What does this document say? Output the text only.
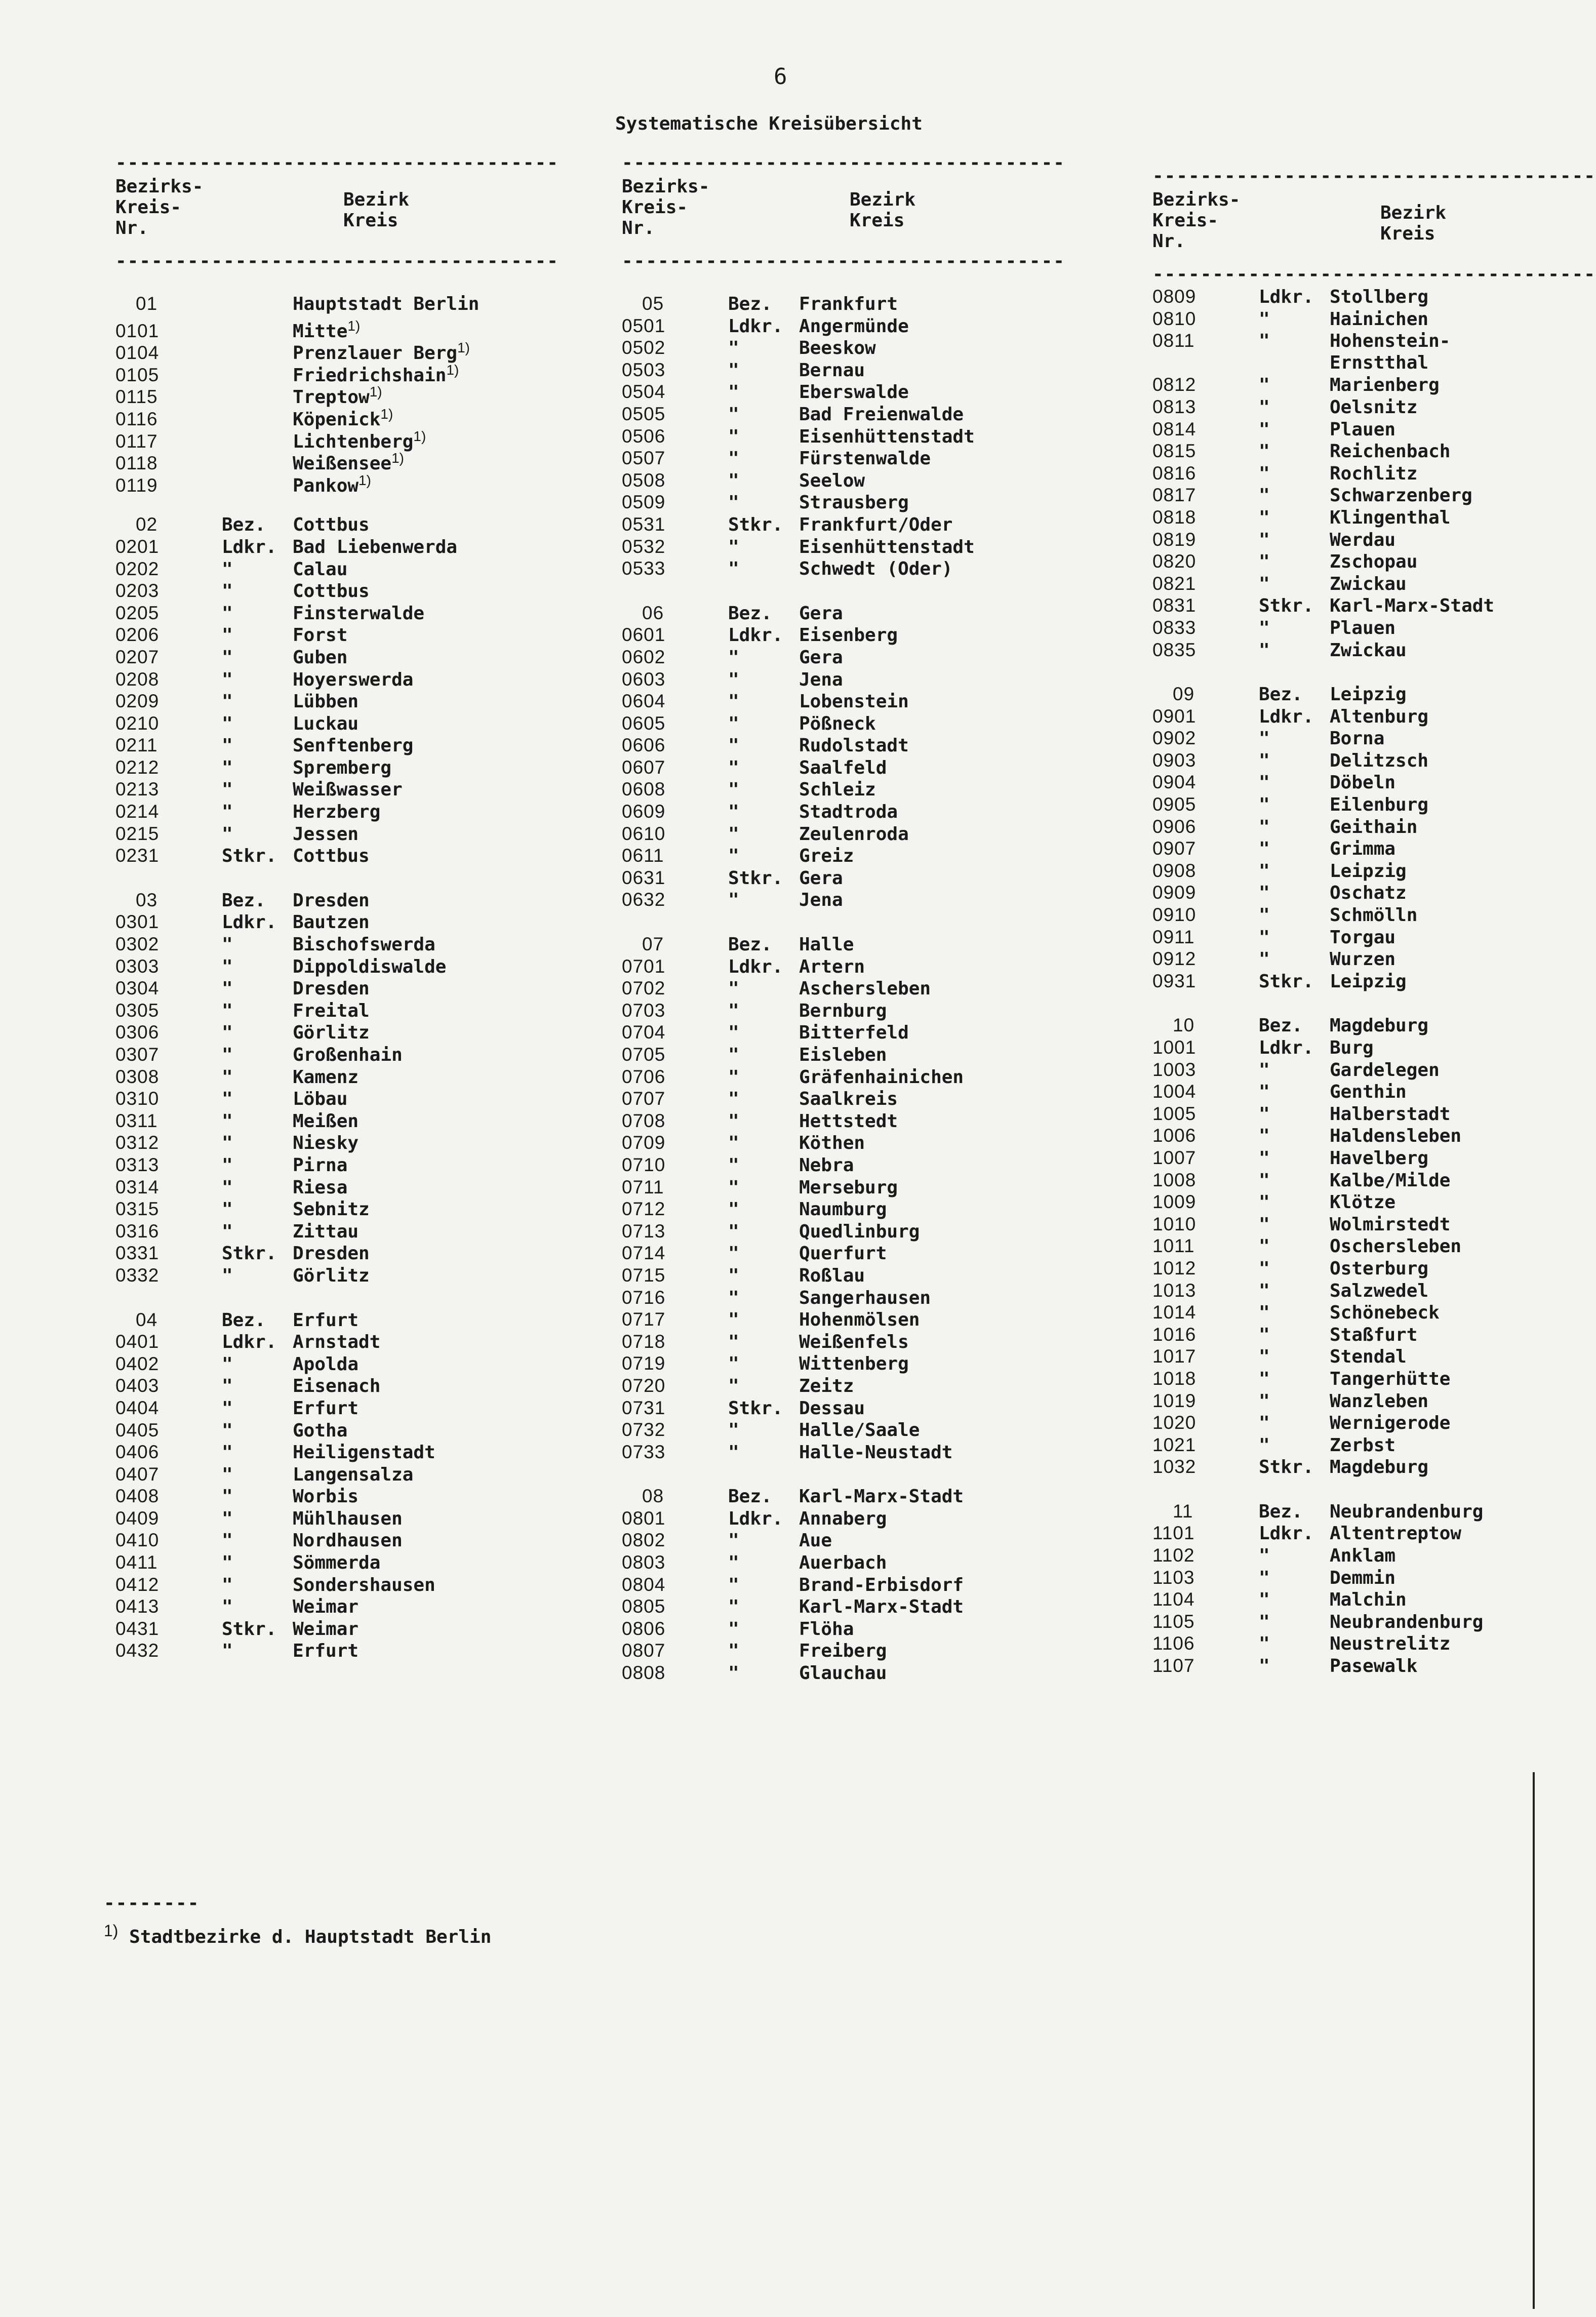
6
Systematische Kreisübersicht
-------------------------------------
Bezirks-
Kreis-
Nr.
Bezirk
Kreis
-------------------------------------
01	Hauptstadt Berlin
0101	Mitte$^{1)}$
0104	Prenzlauer Berg$^{1)}$
0105	Friedrichshain$^{1)}$
0115	Treptow$^{1)}$
0116	Köpenick$^{1)}$
0117	Lichtenberg$^{1)}$
0118	Weißensee$^{1)}$
0119	Pankow$^{1)}$
02	Bez.	Cottbus
0201	Ldkr. Bad Liebenwerda
0202	"	Calau
0203	"	Cottbus
0205	"	Finsterwalde
0206	"	Forst
0207	"	Guben
0208	"	Hoyerswerda
0209	"	Lübben
0210	"	Luckau
0211	"	Senftenberg
0212	"	Spremberg
0213	"	Weißwasser
0214	"	Herzberg
0215	"	Jessen
0231	Stkr. Cottbus
03	Bez.	Dresden
0301	Ldkr. Bautzen
0302	"	Bischofswerda
0303	"	Dippoldiswalde
0304	"	Dresden
0305	"	Freital
0306	"	Görlitz
0307	"	Großenhain
0308	"	Kamenz
0310	"	Löbau
0311	"	Meißen
0312	"	Niesky
0313	"	Pirna
0314	"	Riesa
0315	"	Sebnitz
0316	"	Zittau
0331	Stkr. Dresden
0332	"	Görlitz
04	Bez.	Erfurt
0401	Ldkr. Arnstadt
0402	"	Apolda
0403	"	Eisenach
0404	"	Erfurt
0405	"	Gotha
0406	"	Heiligenstadt
0407	"	Langensalza
0408	"	Worbis
0409	"	Mühlhausen
0410	"	Nordhausen
0411	"	Sömmerda
0412	"	Sondershausen
0413	"	Weimar
0431	Stkr. Weimar
0432	"	Erfurt
-------------------------------------
Bezirks-
Kreis-
Nr.
Bezirk
Kreis
-------------------------------------
05	Bez.	Frankfurt
0501	Ldkr. Angermünde
0502	"	Beeskow
0503	"	Bernau
0504	"	Eberswalde
0505	"	Bad Freienwalde
0506	"	Eisenhüttenstadt
0507	"	Fürstenwalde
0508	"	Seelow
0509	"	Strausberg
0531	Stkr. Frankfurt/Oder
0532	"	Eisenhüttenstadt
0533	"	Schwedt (Oder)
06	Bez.	Gera
0601	Ldkr. Eisenberg
0602	"	Gera
0603	"	Jena
0604	"	Lobenstein
0605	"	Pößneck
0606	"	Rudolstadt
0607	"	Saalfeld
0608	"	Schleiz
0609	"	Stadtroda
0610	"	Zeulenroda
0611	"	Greiz
0631	Stkr. Gera
0632	"	Jena
07	Bez.	Halle
0701	Ldkr. Artern
0702	"	Aschersleben
0703	"	Bernburg
0704	"	Bitterfeld
0705	"	Eisleben
0706	"	Gräfenhainichen
0707	"	Saalkreis
0708	"	Hettstedt
0709	"	Köthen
0710	"	Nebra
0711	"	Merseburg
0712	"	Naumburg
0713	"	Quedlinburg
0714	"	Querfurt
0715	"	Roßlau
0716	"	Sangerhausen
0717	"	Hohenmölsen
0718	"	Weißenfels
0719	"	Wittenberg
0720	"	Zeitz
0731	Stkr. Dessau
0732	"	Halle/Saale
0733	"	Halle-Neustadt
08	Bez.	Karl-Marx-Stadt
0801	Ldkr. Annaberg
0802	"	Aue
0803	"	Auerbach
0804	"	Brand-Erbisdorf
0805	"	Karl-Marx-Stadt
0806	"	Flöha
0807	"	Freiberg
0808	"	Glauchau
-------------------------------------
Bezirks-
Kreis-
Nr.
Bezirk
Kreis
-------------------------------------
0809	Ldkr. Stollberg
0810	"	Hainichen
0811	"	Hohenstein-
Ernstthal
0812	"	Marienberg
0813	"	Oelsnitz
0814	"	Plauen
0815	"	Reichenbach
0816	"	Rochlitz
0817	"	Schwarzenberg
0818	"	Klingenthal
0819	"	Werdau
0820	"	Zschopau
0821	"	Zwickau
0831	Stkr. Karl-Marx-Stadt
0833	"	Plauen
0835	"	Zwickau
09	Bez.	Leipzig
0901	Ldkr. Altenburg
0902	"	Borna
0903	"	Delitzsch
0904	"	Döbeln
0905	"	Eilenburg
0906	"	Geithain
0907	"	Grimma
0908	"	Leipzig
0909	"	Oschatz
0910	"	Schmölln
0911	"	Torgau
0912	"	Wurzen
0931	Stkr. Leipzig
10	Bez.	Magdeburg
1001	Ldkr. Burg
1003	"	Gardelegen
1004	"	Genthin
1005	"	Halberstadt
1006	"	Haldensleben
1007	"	Havelberg
1008	"	Kalbe/Milde
1009	"	Klötze
1010	"	Wolmirstedt
1011	"	Oschersleben
1012	"	Osterburg
1013	"	Salzwedel
1014	"	Schönebeck
1016	"	Staßfurt
1017	"	Stendal
1018	"	Tangerhütte
1019	"	Wanzleben
1020	"	Wernigerode
1021	"	Zerbst
1032	Stkr. Magdeburg
11	Bez.	Neubrandenburg
1101	Ldkr. Altentreptow
1102	"	Anklam
1103	"	Demmin
1104	"	Malchin
1105	"	Neubrandenburg
1106	"	Neustrelitz
1107	"	Pasewalk
--------
$^{1)}$ Stadtbezirke d. Hauptstadt Berlin
